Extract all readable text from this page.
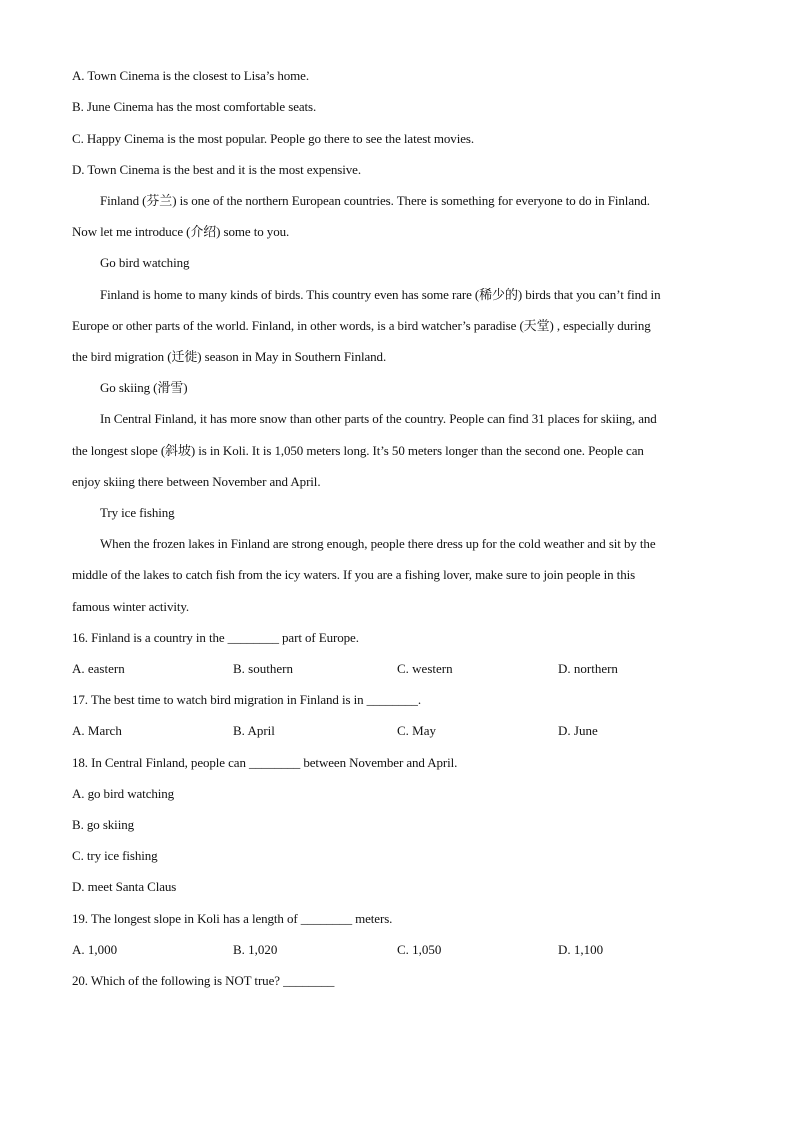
A. Town Cinema is the closest to Lisa’s home.
B. June Cinema has the most comfortable seats.
C. Happy Cinema is the most popular. People go there to see the latest movies.
D. Town Cinema is the best and it is the most expensive.
Finland (芬兰) is one of the northern European countries. There is something for everyone to do in Finland.
Now let me introduce (介绍) some to you.
Go bird watching
Finland is home to many kinds of birds. This country even has some rare (稀少的) birds that you can’t find in
Europe or other parts of the world. Finland, in other words, is a bird watcher’s paradise (天堂) , especially during
the bird migration (迁徙) season in May in Southern Finland.
Go skiing (滑雪)
In Central Finland, it has more snow than other parts of the country. People can find 31 places for skiing, and
the longest slope (斜坡) is in Koli. It is 1,050 meters long. It’s 50 meters longer than the second one. People can
enjoy skiing there between November and April.
Try ice fishing
When the frozen lakes in Finland are strong enough, people there dress up for the cold weather and sit by the
middle of the lakes to catch fish from the icy waters. If you are a fishing lover, make sure to join people in this
famous winter activity.
16. Finland is a country in the ________ part of Europe.
A. eastern	B. southern	C. western	D. northern
17. The best time to watch bird migration in Finland is in ________.
A. March	B. April	C. May	D. June
18. In Central Finland, people can ________ between November and April.
A. go bird watching
B. go skiing
C. try ice fishing
D. meet Santa Claus
19. The longest slope in Koli has a length of ________ meters.
A. 1,000	B. 1,020	C. 1,050	D. 1,100
20. Which of the following is NOT true? ________
